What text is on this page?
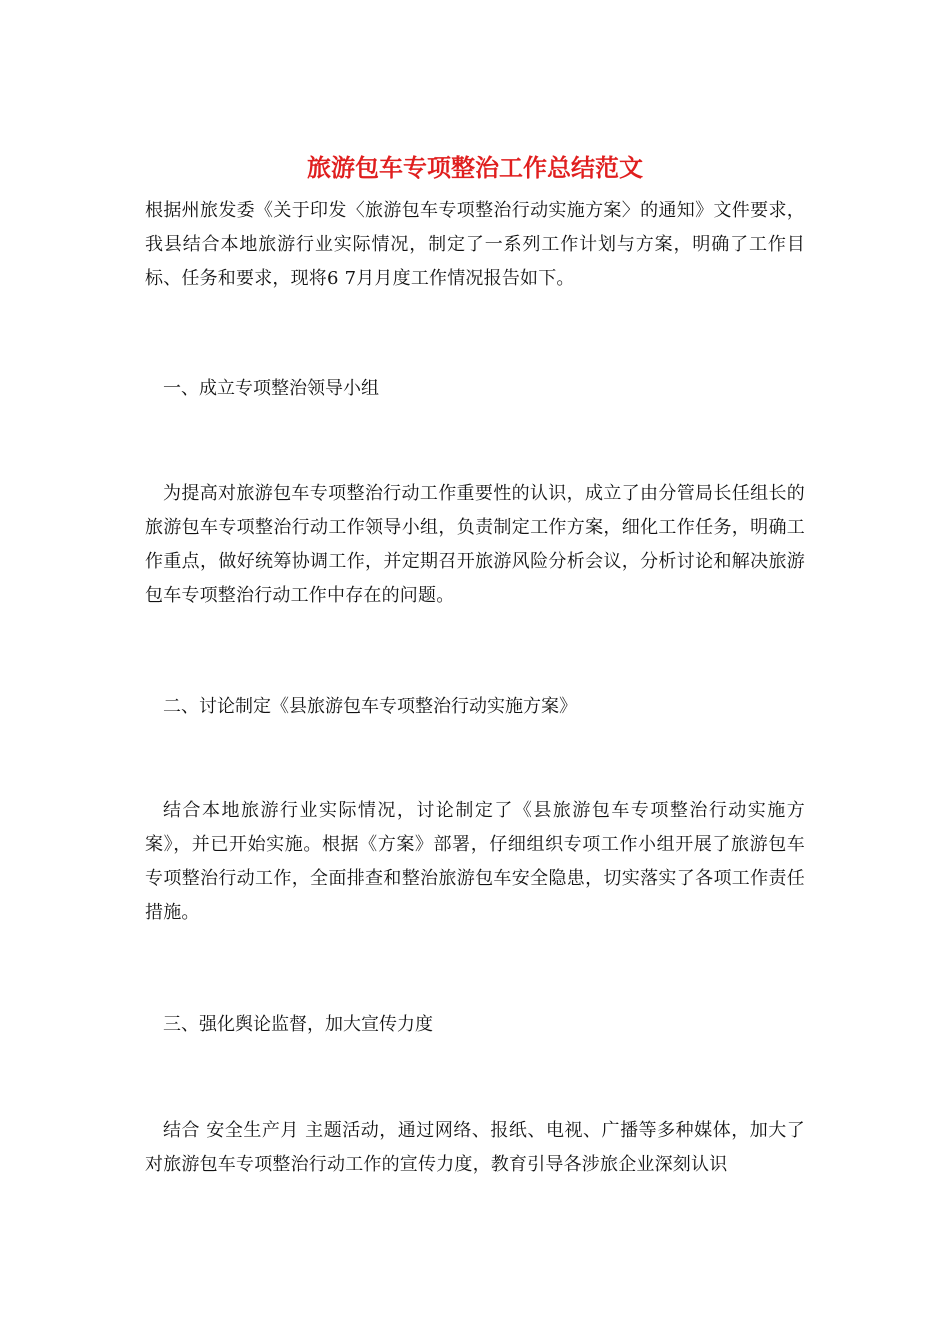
旅游包车专项整治工作总结范文

根据州旅发委《关于印发〈旅游包车专项整治行动实施方案〉的通知》文件要求，我县结合本地旅游行业实际情况，制定了一系列工作计划与方案，明确了工作目标、任务和要求，现将6 7月月度工作情况报告如下。

一、成立专项整治领导小组

为提高对旅游包车专项整治行动工作重要性的认识，成立了由分管局长任组长的旅游包车专项整治行动工作领导小组，负责制定工作方案，细化工作任务，明确工作重点，做好统筹协调工作，并定期召开旅游风险分析会议，分析讨论和解决旅游包车专项整治行动工作中存在的问题。

二、讨论制定《县旅游包车专项整治行动实施方案》

结合本地旅游行业实际情况，讨论制定了《县旅游包车专项整治行动实施方案》，并已开始实施。根据《方案》部署，仔细组织专项工作小组开展了旅游包车专项整治行动工作，全面排查和整治旅游包车安全隐患，切实落实了各项工作责任措施。

三、强化舆论监督，加大宣传力度

结合 安全生产月 主题活动，通过网络、报纸、电视、广播等多种媒体，加大了对旅游包车专项整治行动工作的宣传力度，教育引导各涉旅企业深刻认识
